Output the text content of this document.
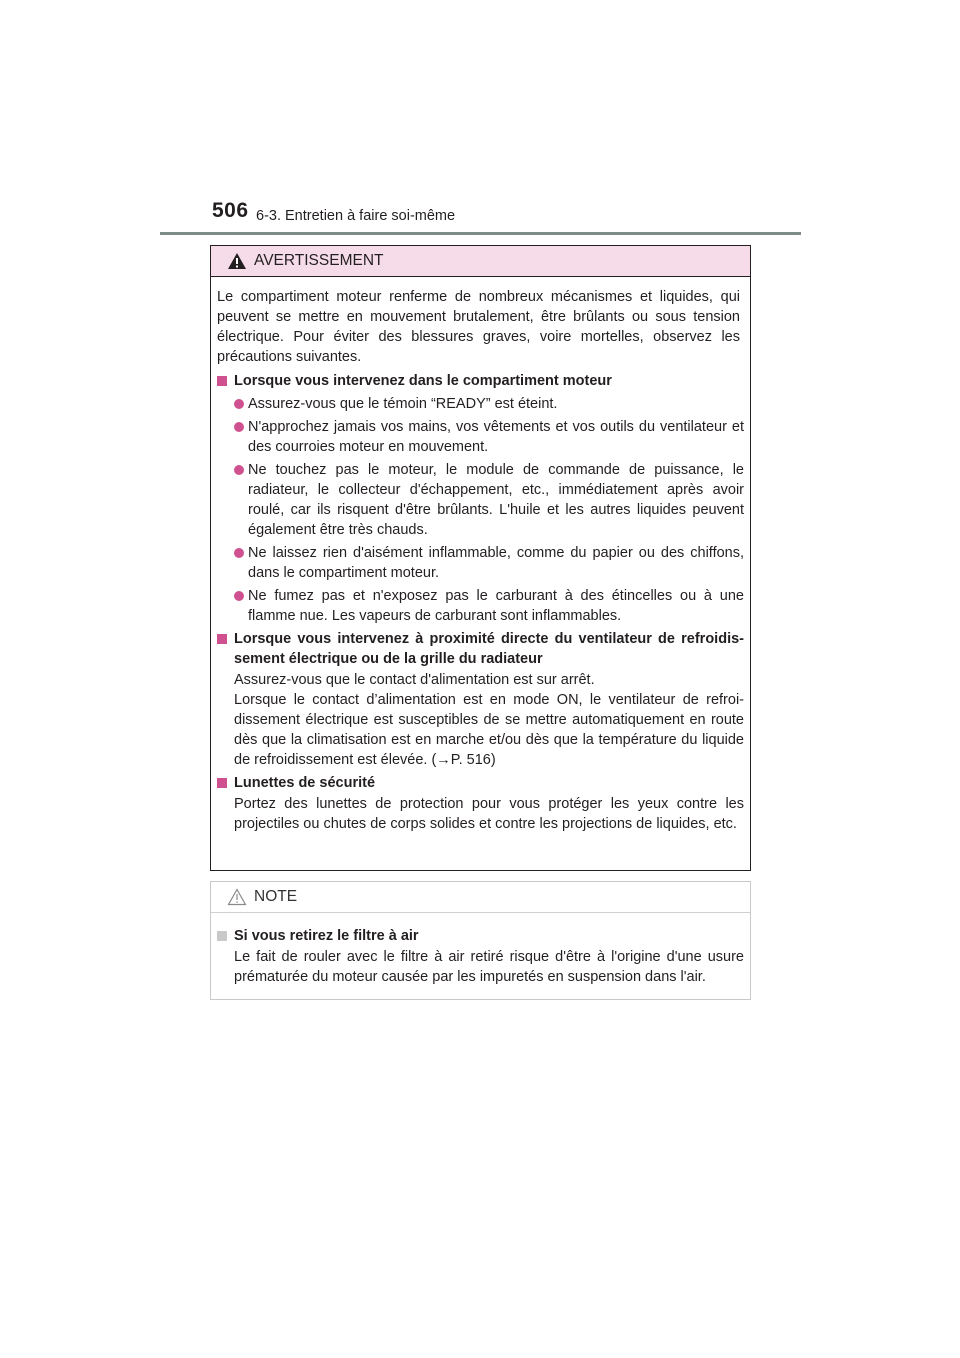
506 6-3. Entretien à faire soi-même
AVERTISSEMENT
Le compartiment moteur renferme de nombreux mécanismes et liquides, qui peuvent se mettre en mouvement brutalement, être brûlants ou sous tension électrique. Pour éviter des blessures graves, voire mortelles, observez les précautions suivantes.
Lorsque vous intervenez dans le compartiment moteur
Assurez-vous que le témoin “READY” est éteint.
N'approchez jamais vos mains, vos vêtements et vos outils du ventilateur et des courroies moteur en mouvement.
Ne touchez pas le moteur, le module de commande de puissance, le radiateur, le collecteur d'échappement, etc., immédiatement après avoir roulé, car ils risquent d'être brûlants. L'huile et les autres liquides peuvent également être très chauds.
Ne laissez rien d'aisément inflammable, comme du papier ou des chiffons, dans le compartiment moteur.
Ne fumez pas et n'exposez pas le carburant à des étincelles ou à une flamme nue. Les vapeurs de carburant sont inflammables.
Lorsque vous intervenez à proximité directe du ventilateur de refroidis-sement électrique ou de la grille du radiateur
Assurez-vous que le contact d'alimentation est sur arrêt.
Lorsque le contact d’alimentation est en mode ON, le ventilateur de refroi-dissement électrique est susceptibles de se mettre automatiquement en route dès que la climatisation est en marche et/ou dès que la température du liquide de refroidissement est élevée. (→P. 516)
Lunettes de sécurité
Portez des lunettes de protection pour vous protéger les yeux contre les projectiles ou chutes de corps solides et contre les projections de liquides, etc.
NOTE
Si vous retirez le filtre à air
Le fait de rouler avec le filtre à air retiré risque d'être à l'origine d'une usure prématurée du moteur causée par les impuretés en suspension dans l'air.
